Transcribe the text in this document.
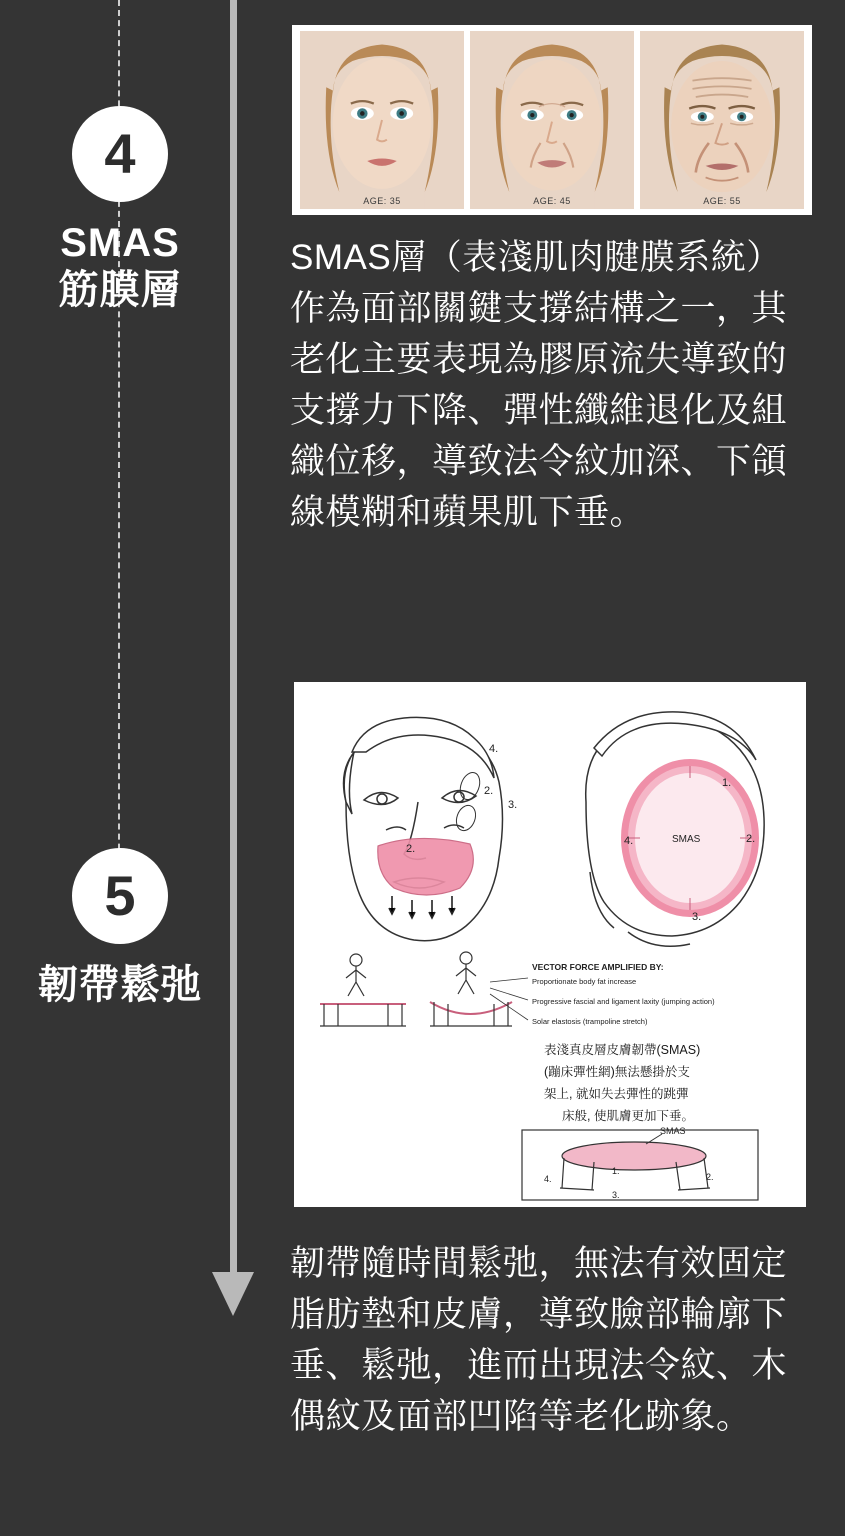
4
SMAS
筋膜層
5
韌帶鬆弛
AGE: 35	AGE: 45	AGE: 55

SMAS層（表淺肌肉腱膜系統）作為面部關鍵支撐結構之一，其老化主要表現為膠原流失導致的支撐力下降、彈性纖維退化及組織位移，導致法令紋加深、下頜線模糊和蘋果肌下垂。

4.
2.
3.
2.
1.
2.
3.
4.	SMAS
VECTOR FORCE AMPLIFIED BY:
Proportionate body fat increase
Progressive fascial and ligament laxity (jumping action)
Solar elastosis (trampoline stretch)
表淺真皮層皮膚韌帶(SMAS)
(蹦床彈性網)無法懸掛於支
架上, 就如失去彈性的跳彈
床般, 使肌膚更加下垂。
SMAS
1.
2.
3.
4.

韌帶隨時間鬆弛，無法有效固定脂肪墊和皮膚，導致臉部輪廓下垂、鬆弛，進而出現法令紋、木偶紋及面部凹陷等老化跡象。
